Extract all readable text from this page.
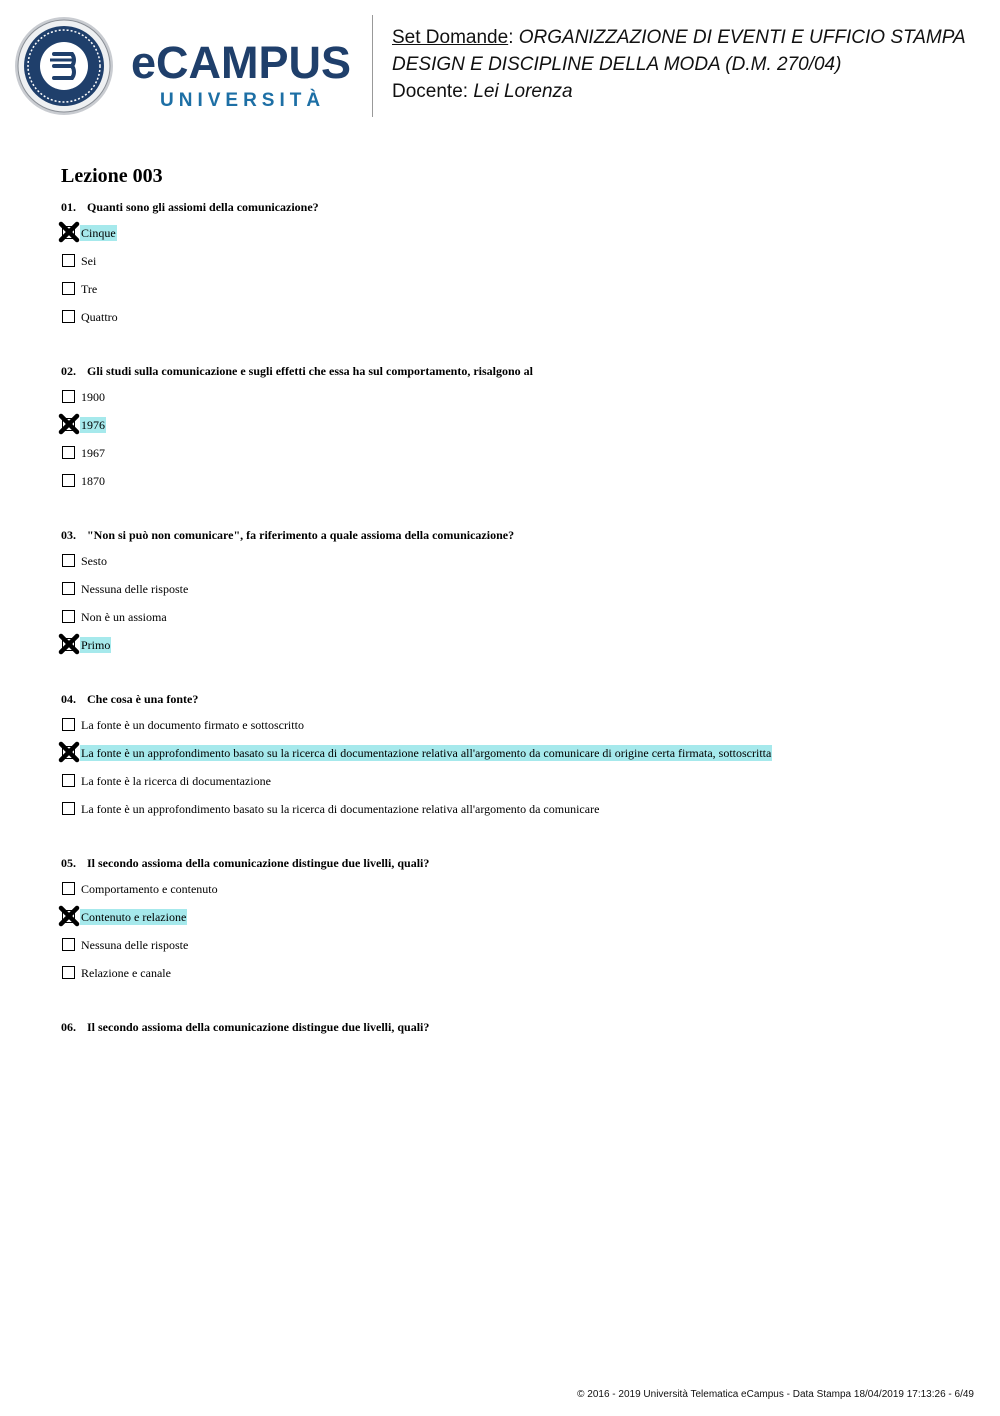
eCAMPUS
UNIVERSITÀ
Set Domande: ORGANIZZAZIONE DI EVENTI E UFFICIO STAMPA
DESIGN E DISCIPLINE DELLA MODA (D.M. 270/04)
Docente: Lei Lorenza
Lezione 003
01. Quanti sono gli assiomi della comunicazione?
Cinque
Sei
Tre
Quattro
02. Gli studi sulla comunicazione e sugli effetti che essa ha sul comportamento, risalgono al
1900
1976
1967
1870
03. "Non si può non comunicare", fa riferimento a quale assioma della comunicazione?
Sesto
Nessuna delle risposte
Non è un assioma
Primo
04. Che cosa è una fonte?
La fonte è un documento firmato e sottoscritto
La fonte è un approfondimento basato su la ricerca di documentazione relativa all'argomento da comunicare di origine certa firmata, sottoscritta
La fonte è la ricerca di documentazione
La fonte è un approfondimento basato su la ricerca di documentazione relativa all'argomento da comunicare
05. Il secondo assioma della comunicazione distingue due livelli, quali?
Comportamento e contenuto
Contenuto e relazione
Nessuna delle risposte
Relazione e canale
06. Il secondo assioma della comunicazione distingue due livelli, quali?
© 2016 - 2019 Università Telematica eCampus - Data Stampa 18/04/2019 17:13:26 - 6/49
